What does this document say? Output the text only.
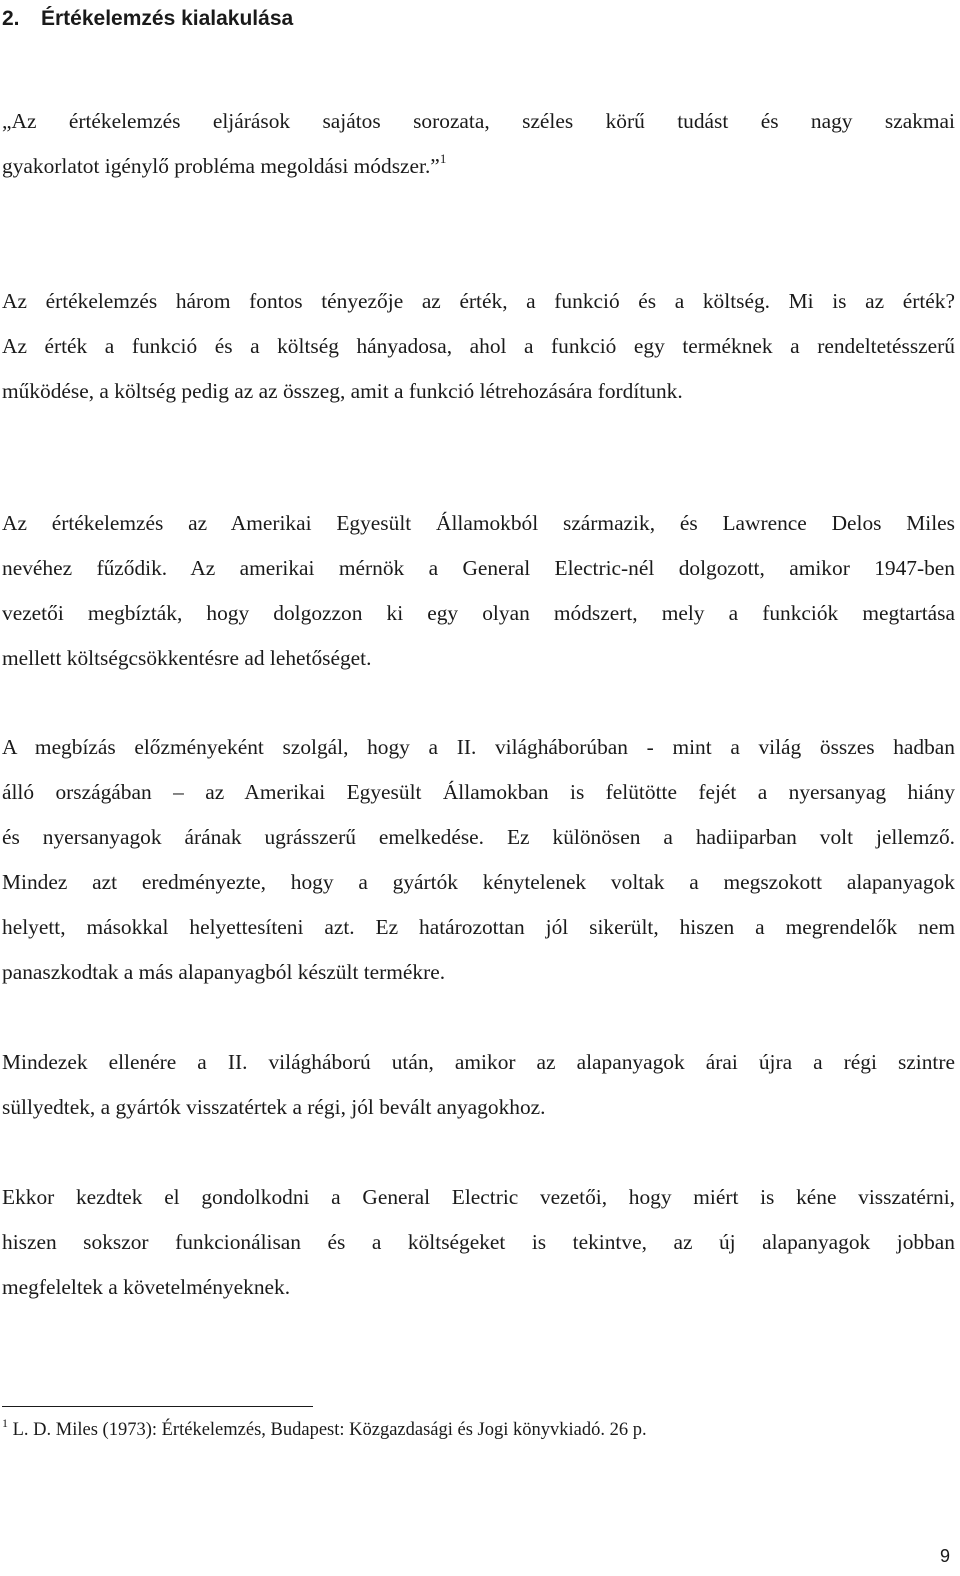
2. Értékelemzés kialakulása
„Az értékelemzés eljárások sajátos sorozata, széles körű tudást és nagy szakmai
gyakorlatot igénylő probléma megoldási módszer.”$^1$
Az értékelemzés három fontos tényezője az érték, a funkció és a költség. Mi is az érték?
Az érték a funkció és a költség hányadosa, ahol a funkció egy terméknek a rendeltetésszerű
működése, a költség pedig az az összeg, amit a funkció létrehozására fordítunk.
Az értékelemzés az Amerikai Egyesült Államokból származik, és Lawrence Delos Miles
nevéhez fűződik. Az amerikai mérnök a General Electric-nél dolgozott, amikor 1947-ben
vezetői megbízták, hogy dolgozzon ki egy olyan módszert, mely a funkciók megtartása
mellett költségcsökkentésre ad lehetőséget.
A megbízás előzményeként szolgál, hogy a II. világháborúban - mint a világ összes hadban
álló országában – az Amerikai Egyesült Államokban is felütötte fejét a nyersanyag hiány
és nyersanyagok árának ugrásszerű emelkedése. Ez különösen a hadiiparban volt jellemző.
Mindez azt eredményezte, hogy a gyártók kénytelenek voltak a megszokott alapanyagok
helyett, másokkal helyettesíteni azt. Ez határozottan jól sikerült, hiszen a megrendelők nem
panaszkodtak a más alapanyagból készült termékre.
Mindezek ellenére a II. világháború után, amikor az alapanyagok árai újra a régi szintre
süllyedtek, a gyártók visszatértek a régi, jól bevált anyagokhoz.
Ekkor kezdtek el gondolkodni a General Electric vezetői, hogy miért is kéne visszatérni,
hiszen sokszor funkcionálisan és a költségeket is tekintve, az új alapanyagok jobban
megfeleltek a követelményeknek.
$^1$ L. D. Miles (1973): Értékelemzés, Budapest: Közgazdasági és Jogi könyvkiadó. 26 p.
9
